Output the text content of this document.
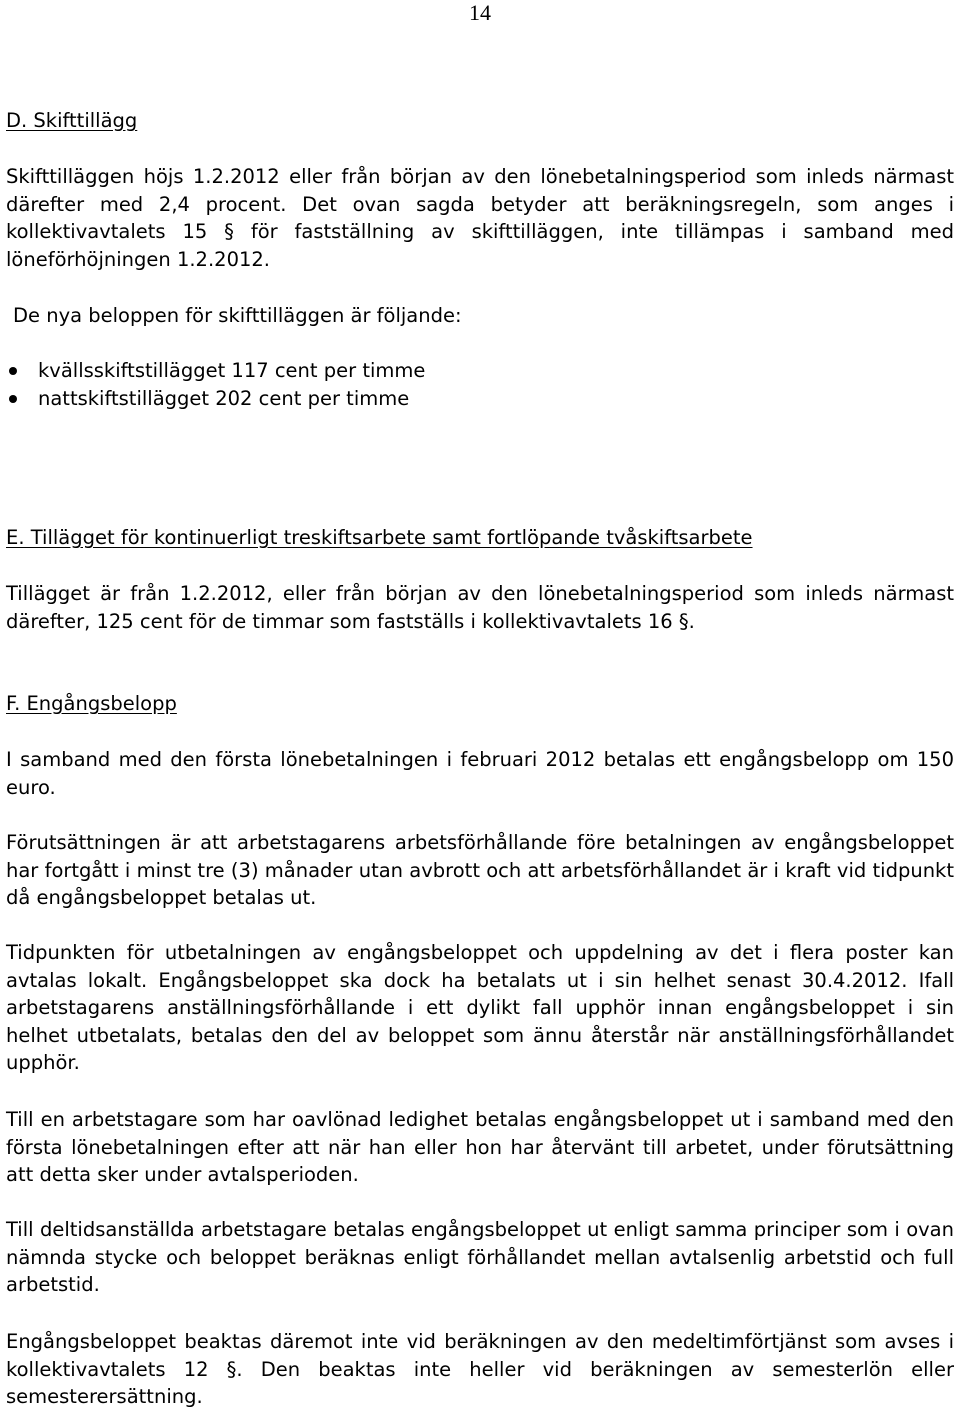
14

D. Skifttillägg

Skifttilläggen höjs 1.2.2012 eller från början av den lönebetalningsperiod som inleds närmast därefter med 2,4 procent. Det ovan sagda betyder att beräkningsregeln, som anges i kollektivavtalets 15 § för fastställning av skifttilläggen, inte tillämpas i samband med löneförhöjningen 1.2.2012.

De nya beloppen för skifttilläggen är följande:

kvällsskiftstillägget 117 cent per timme
nattskiftstillägget 202 cent per timme

E. Tillägget för kontinuerligt treskiftsarbete samt fortlöpande tvåskiftsarbete

Tillägget är från 1.2.2012, eller från början av den lönebetalningsperiod som inleds närmast därefter, 125 cent för de timmar som fastställs i kollektivavtalets 16 §.

F. Engångsbelopp

I samband med den första lönebetalningen i februari 2012 betalas ett engångsbelopp om 150 euro.

Förutsättningen är att arbetstagarens arbetsförhållande före betalningen av engångsbeloppet har fortgått i minst tre (3) månader utan avbrott och att arbetsförhållandet är i kraft vid tidpunkt då engångsbeloppet betalas ut.

Tidpunkten för utbetalningen av engångsbeloppet och uppdelning av det i flera poster kan avtalas lokalt. Engångsbeloppet ska dock ha betalats ut i sin helhet senast 30.4.2012. Ifall arbetstagarens anställningsförhållande i ett dylikt fall upphör innan engångsbeloppet i sin helhet utbetalats, betalas den del av beloppet som ännu återstår när anställningsförhållandet upphör.

Till en arbetstagare som har oavlönad ledighet betalas engångsbeloppet ut i samband med den första lönebetalningen efter att när han eller hon har återvänt till arbetet, under förutsättning att detta sker under avtalsperioden.

Till deltidsanställda arbetstagare betalas engångsbeloppet ut enligt samma principer som i ovan nämnda stycke och beloppet beräknas enligt förhållandet mellan avtalsenlig arbetstid och full arbetstid.

Engångsbeloppet beaktas däremot inte vid beräkningen av den medeltimförtjänst som avses i kollektivavtalets 12 §. Den beaktas inte heller vid beräkningen av semesterlön eller semesterersättning.
